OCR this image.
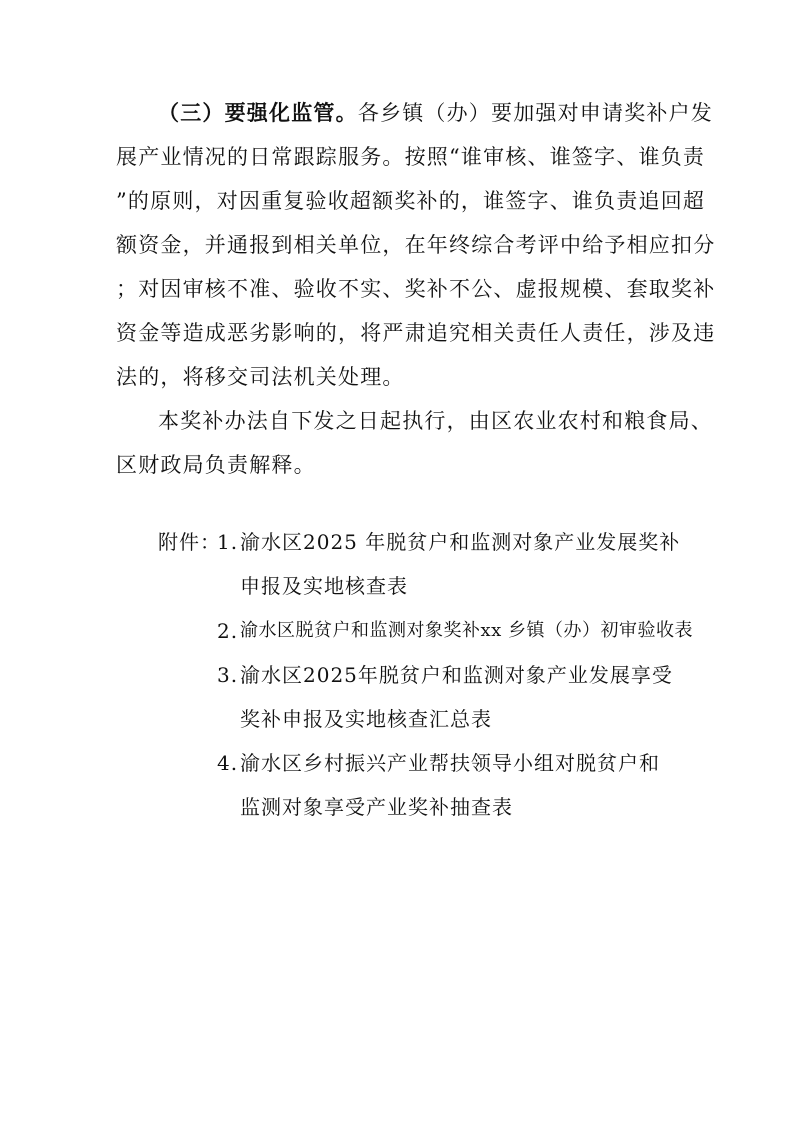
（三）要强化监管。各乡镇（办）要加强对申请奖补户发
展产业情况的日常跟踪服务。按照“谁审核、谁签字、谁负责
”的原则，对因重复验收超额奖补的，谁签字、谁负责追回超
额资金，并通报到相关单位，在年终综合考评中给予相应扣分
；对因审核不准、验收不实、奖补不公、虚报规模、套取奖补
资金等造成恶劣影响的，将严肃追究相关责任人责任，涉及违
法的，将移交司法机关处理。
本奖补办法自下发之日起执行，由区农业农村和粮食局、
区财政局负责解释。
附件：
1. 渝水区2025 年脱贫户和监测对象产业发展奖补
申报及实地核查表
2. 渝水区脱贫户和监测对象奖补xx 乡镇（办）初审验收表
3. 渝水区2025年脱贫户和监测对象产业发展享受
奖补申报及实地核查汇总表
4. 渝水区乡村振兴产业帮扶领导小组对脱贫户和
监测对象享受产业奖补抽查表
